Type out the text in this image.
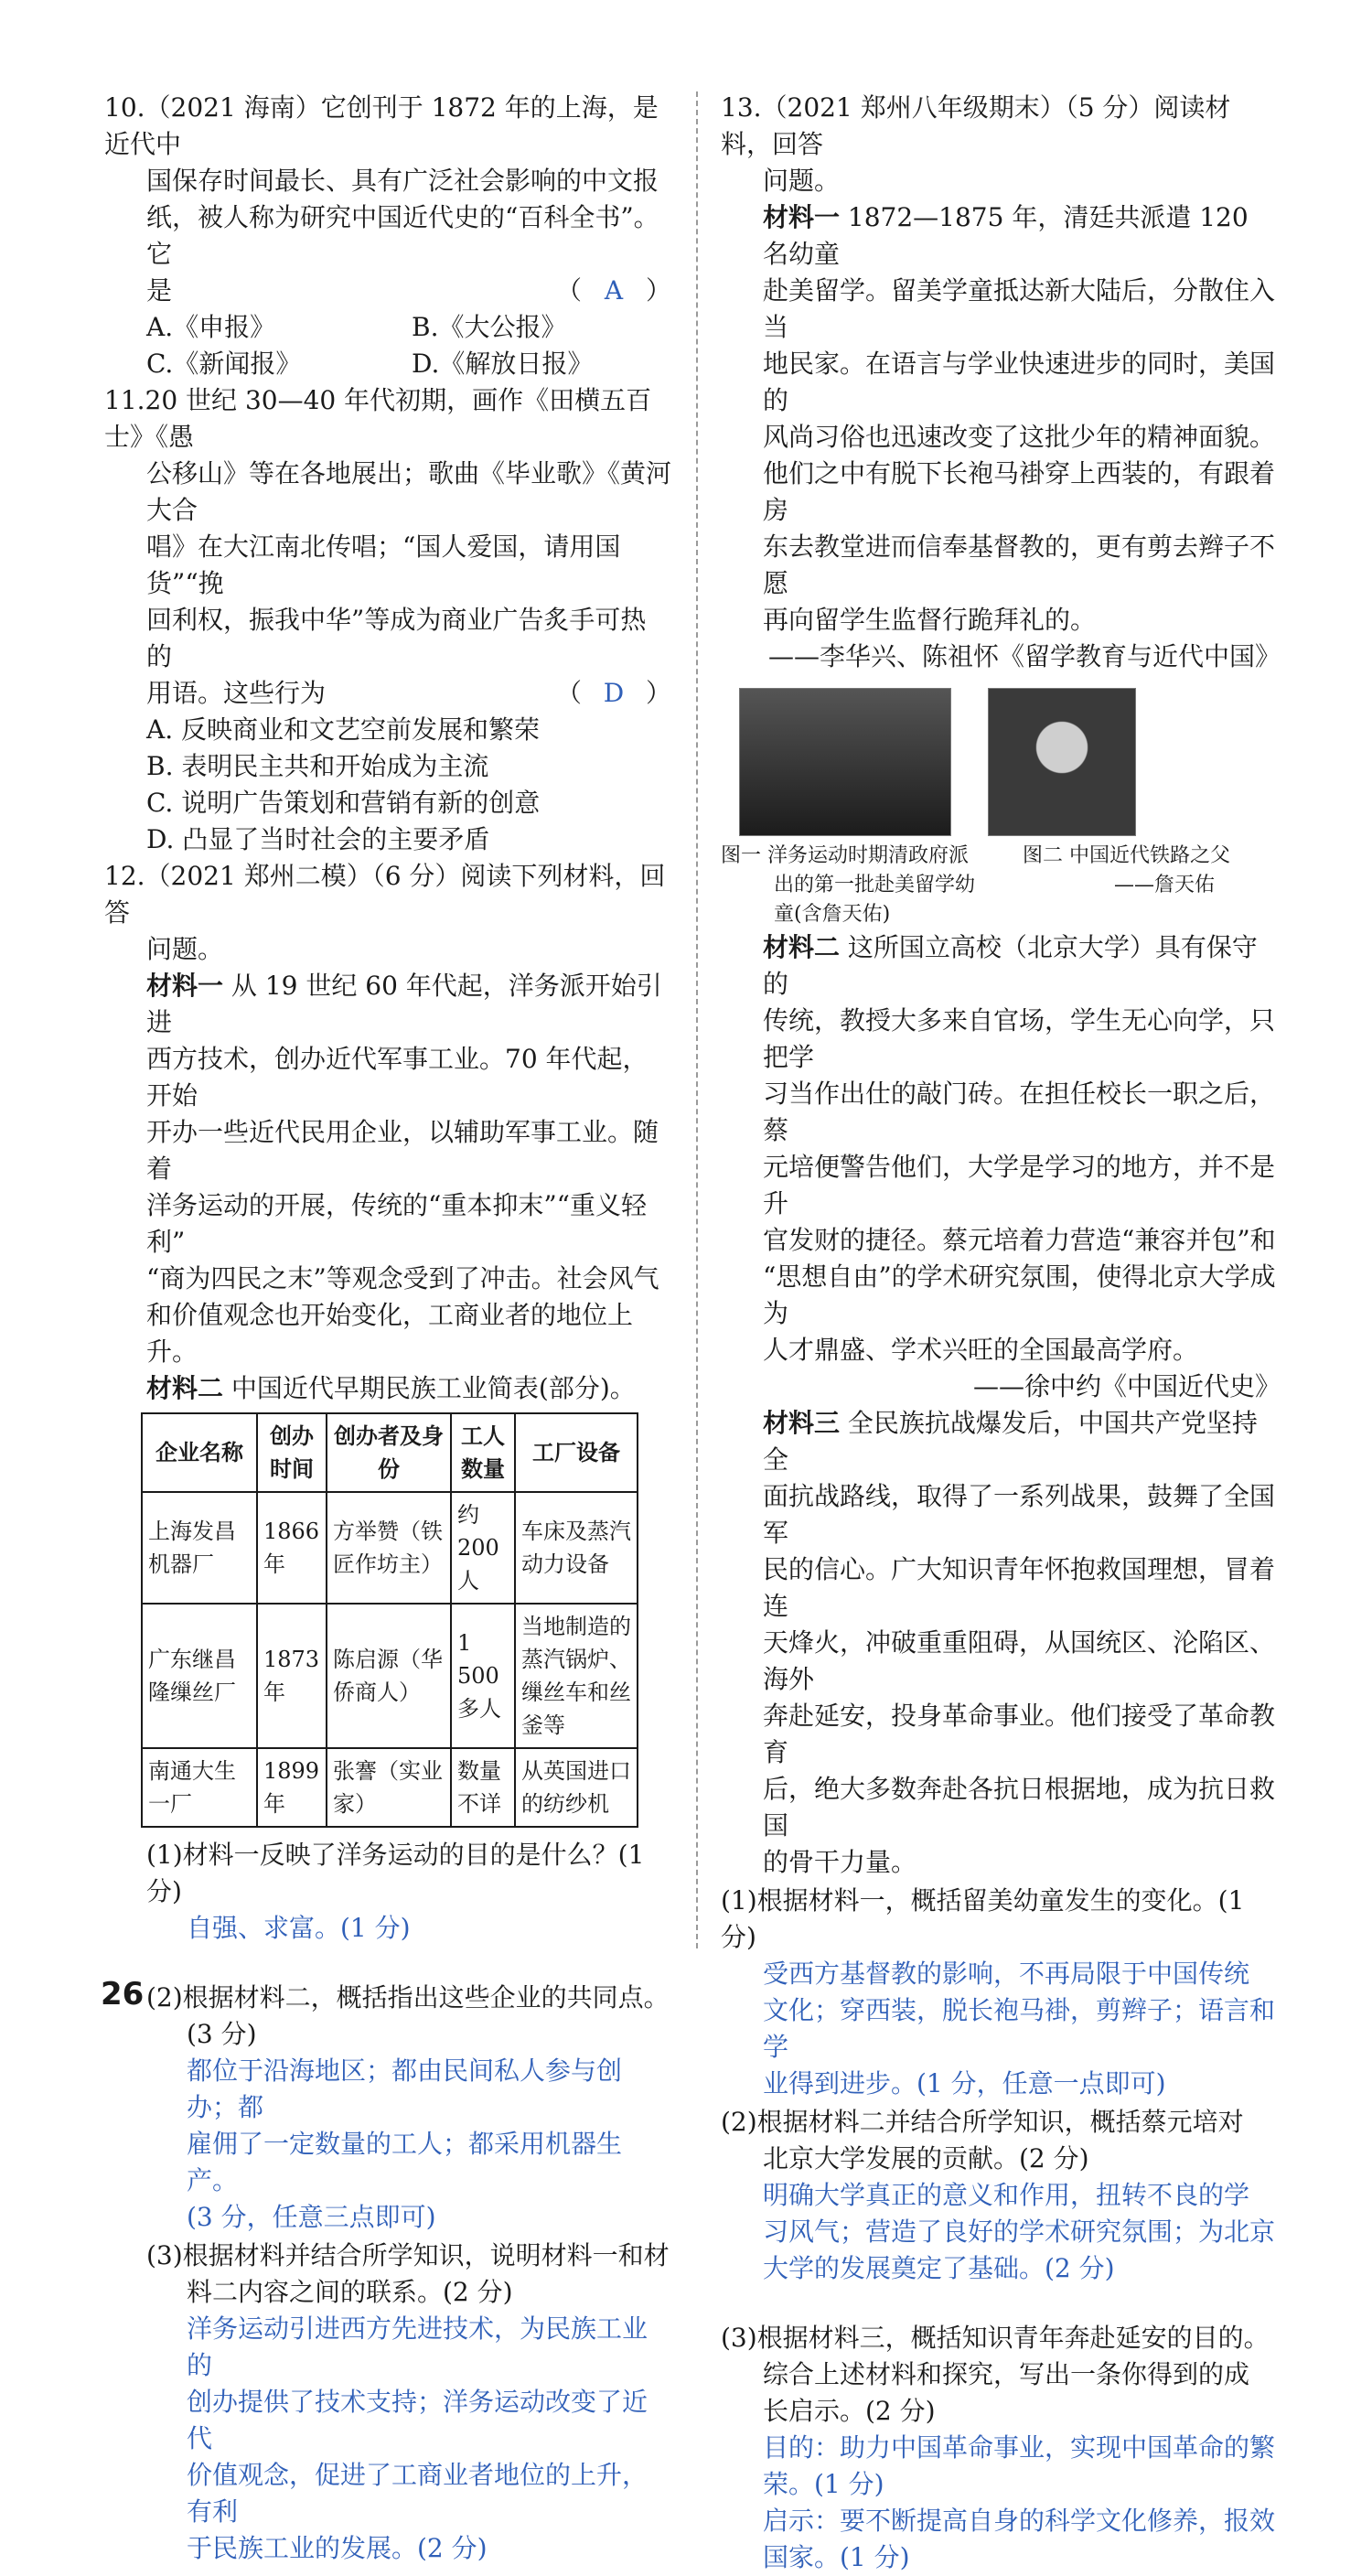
10.（2021 海南）它创刊于 1872 年的上海，是近代中
国保存时间最长、具有广泛社会影响的中文报
纸，被人称为研究中国近代史的“百科全书”。它
是	（ A ）
A.《申报》	B.《大公报》
C.《新闻报》	D.《解放日报》
11.20 世纪 30—40 年代初期，画作《田横五百士》《愚
公移山》等在各地展出；歌曲《毕业歌》《黄河大合
唱》在大江南北传唱；“国人爱国，请用国货”“挽
回利权，振我中华”等成为商业广告炙手可热的
用语。这些行为	（ D ）
A. 反映商业和文艺空前发展和繁荣
B. 表明民主共和开始成为主流
C. 说明广告策划和营销有新的创意
D. 凸显了当时社会的主要矛盾
12.（2021 郑州二模）（6 分）阅读下列材料，回答
问题。
材料一 从 19 世纪 60 年代起，洋务派开始引进
西方技术，创办近代军事工业。70 年代起，开始
开办一些近代民用企业，以辅助军事工业。随着
洋务运动的开展，传统的“重本抑末”“重义轻利”
“商为四民之末”等观念受到了冲击。社会风气
和价值观念也开始变化，工商业者的地位上升。
材料二 中国近代早期民族工业简表(部分)。
企业名称	创办时间	创办者及身份	工人数量	工厂设备
上海发昌机器厂	1866 年	方举赞（铁匠作坊主）	约 200 人	车床及蒸汽动力设备
广东继昌隆缫丝厂	1873 年	陈启源（华侨商人）	1 500 多人	当地制造的蒸汽锅炉、缫丝车和丝釜等
南通大生一厂	1899 年	张謇（实业家）	数量不详	从英国进口的纺纱机
(1)材料一反映了洋务运动的目的是什么？(1 分)
自强、求富。(1 分)
(2)根据材料二，概括指出这些企业的共同点。
(3 分)
都位于沿海地区；都由民间私人参与创办；都
雇佣了一定数量的工人；都采用机器生产。
(3 分，任意三点即可)
(3)根据材料并结合所学知识，说明材料一和材
料二内容之间的联系。(2 分)
洋务运动引进西方先进技术，为民族工业的
创办提供了技术支持；洋务运动改变了近代
价值观念，促进了工商业者地位的上升，有利
于民族工业的发展。(2 分)
13.（2021 郑州八年级期末）（5 分）阅读材料，回答
问题。
材料一 1872—1875 年，清廷共派遣 120 名幼童
赴美留学。留美学童抵达新大陆后，分散住入当
地民家。在语言与学业快速进步的同时，美国的
风尚习俗也迅速改变了这批少年的精神面貌。
他们之中有脱下长袍马褂穿上西装的，有跟着房
东去教堂进而信奉基督教的，更有剪去辫子不愿
再向留学生监督行跪拜礼的。
——李华兴、陈祖怀《留学教育与近代中国》
图一 洋务运动时期清政府派
出的第一批赴美留学幼
童(含詹天佑)
图二 中国近代铁路之父
——詹天佑
材料二 这所国立高校（北京大学）具有保守的
传统，教授大多来自官场，学生无心向学，只把学
习当作出仕的敲门砖。在担任校长一职之后，蔡
元培便警告他们，大学是学习的地方，并不是升
官发财的捷径。蔡元培着力营造“兼容并包”和
“思想自由”的学术研究氛围，使得北京大学成为
人才鼎盛、学术兴旺的全国最高学府。
——徐中约《中国近代史》
材料三 全民族抗战爆发后，中国共产党坚持全
面抗战路线，取得了一系列战果，鼓舞了全国军
民的信心。广大知识青年怀抱救国理想，冒着连
天烽火，冲破重重阻碍，从国统区、沦陷区、海外
奔赴延安，投身革命事业。他们接受了革命教育
后，绝大多数奔赴各抗日根据地，成为抗日救国
的骨干力量。
(1)根据材料一，概括留美幼童发生的变化。(1 分)
受西方基督教的影响，不再局限于中国传统
文化；穿西装，脱长袍马褂，剪辫子；语言和学
业得到进步。(1 分，任意一点即可)
(2)根据材料二并结合所学知识，概括蔡元培对
北京大学发展的贡献。(2 分)
明确大学真正的意义和作用，扭转不良的学
习风气；营造了良好的学术研究氛围；为北京
大学的发展奠定了基础。(2 分)
(3)根据材料三，概括知识青年奔赴延安的目的。
综合上述材料和探究，写出一条你得到的成
长启示。(2 分)
目的：助力中国革命事业，实现中国革命的繁
荣。(1 分)
启示：要不断提高自身的科学文化修养，报效
国家。(1 分)
26
